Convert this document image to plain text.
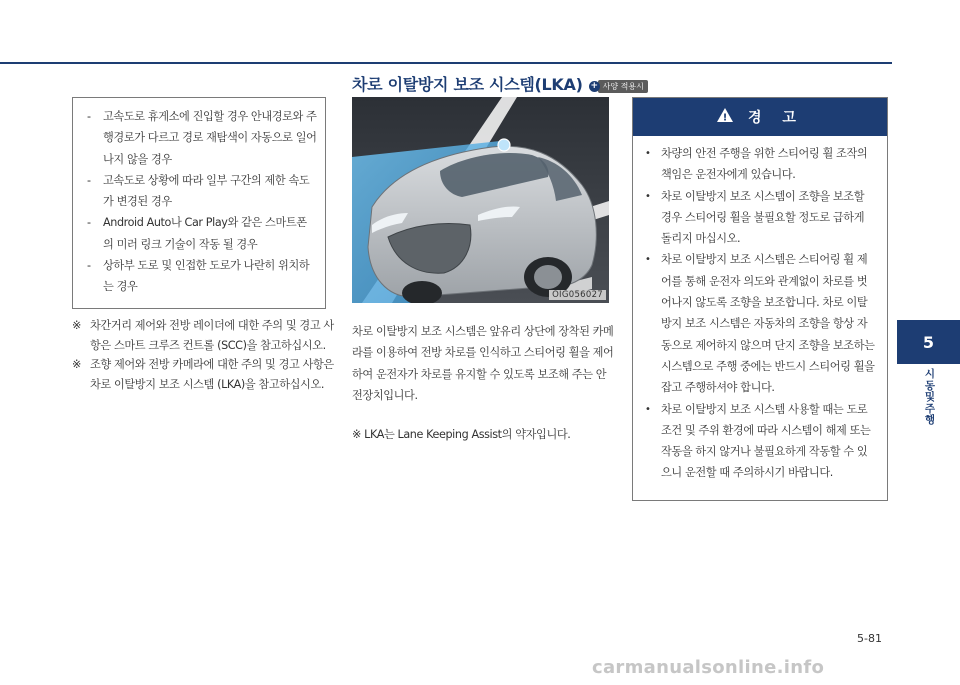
차로 이탈방지 보조 시스템(LKA) + 사양 적용시
-	고속도로 휴게소에 진입할 경우 안내경로와 주행경로가 다르고 경로 재탐색이 자동으로 일어나지 않을 경우
-	고속도로 상황에 따라 일부 구간의 제한 속도가 변경된 경우
-	Android Auto나 Car Play와 같은 스마트폰의 미러 링크 기술이 작동 될 경우
-	상하부 도로 및 인접한 도로가 나란히 위치하는 경우
※ 차간거리 제어와 전방 레이더에 대한 주의 및 경고 사항은 스마트 크루즈 컨트롤 (SCC)을 참고하십시오.
※ 조향 제어와 전방 카메라에 대한 주의 및 경고 사항은 차로 이탈방지 보조 시스템 (LKA)을 참고하십시오.
OIG056027
차로 이탈방지 보조 시스템은 앞유리 상단에 장착된 카메라를 이용하여 전방 차로를 인식하고 스티어링 휠을 제어하여 운전자가 차로를 유지할 수 있도록 보조해 주는 안전장치입니다.
※ LKA는 Lane Keeping Assist의 약자입니다.
! 경 고
• 차량의 안전 주행을 위한 스티어링 휠 조작의 책임은 운전자에게 있습니다.
• 차로 이탈방지 보조 시스템이 조향을 보조할 경우 스티어링 휠을 불필요할 정도로 급하게 돌리지 마십시오.
• 차로 이탈방지 보조 시스템은 스티어링 휠 제어를 통해 운전자 의도와 관계없이 차로를 벗어나지 않도록 조향을 보조합니다. 차로 이탈방지 보조 시스템은 자동차의 조향을 항상 자동으로 제어하지 않으며 단지 조향을 보조하는 시스템으로 주행 중에는 반드시 스티어링 휠을 잡고 주행하셔야 합니다.
• 차로 이탈방지 보조 시스템 사용할 때는 도로 조건 및 주위 환경에 따라 시스템이 해제 또는 작동을 하지 않거나 불필요하게 작동할 수 있으니 운전할 때 주의하시기 바랍니다.
5
시동 및 주행
5-81
carmanualsonline.info
